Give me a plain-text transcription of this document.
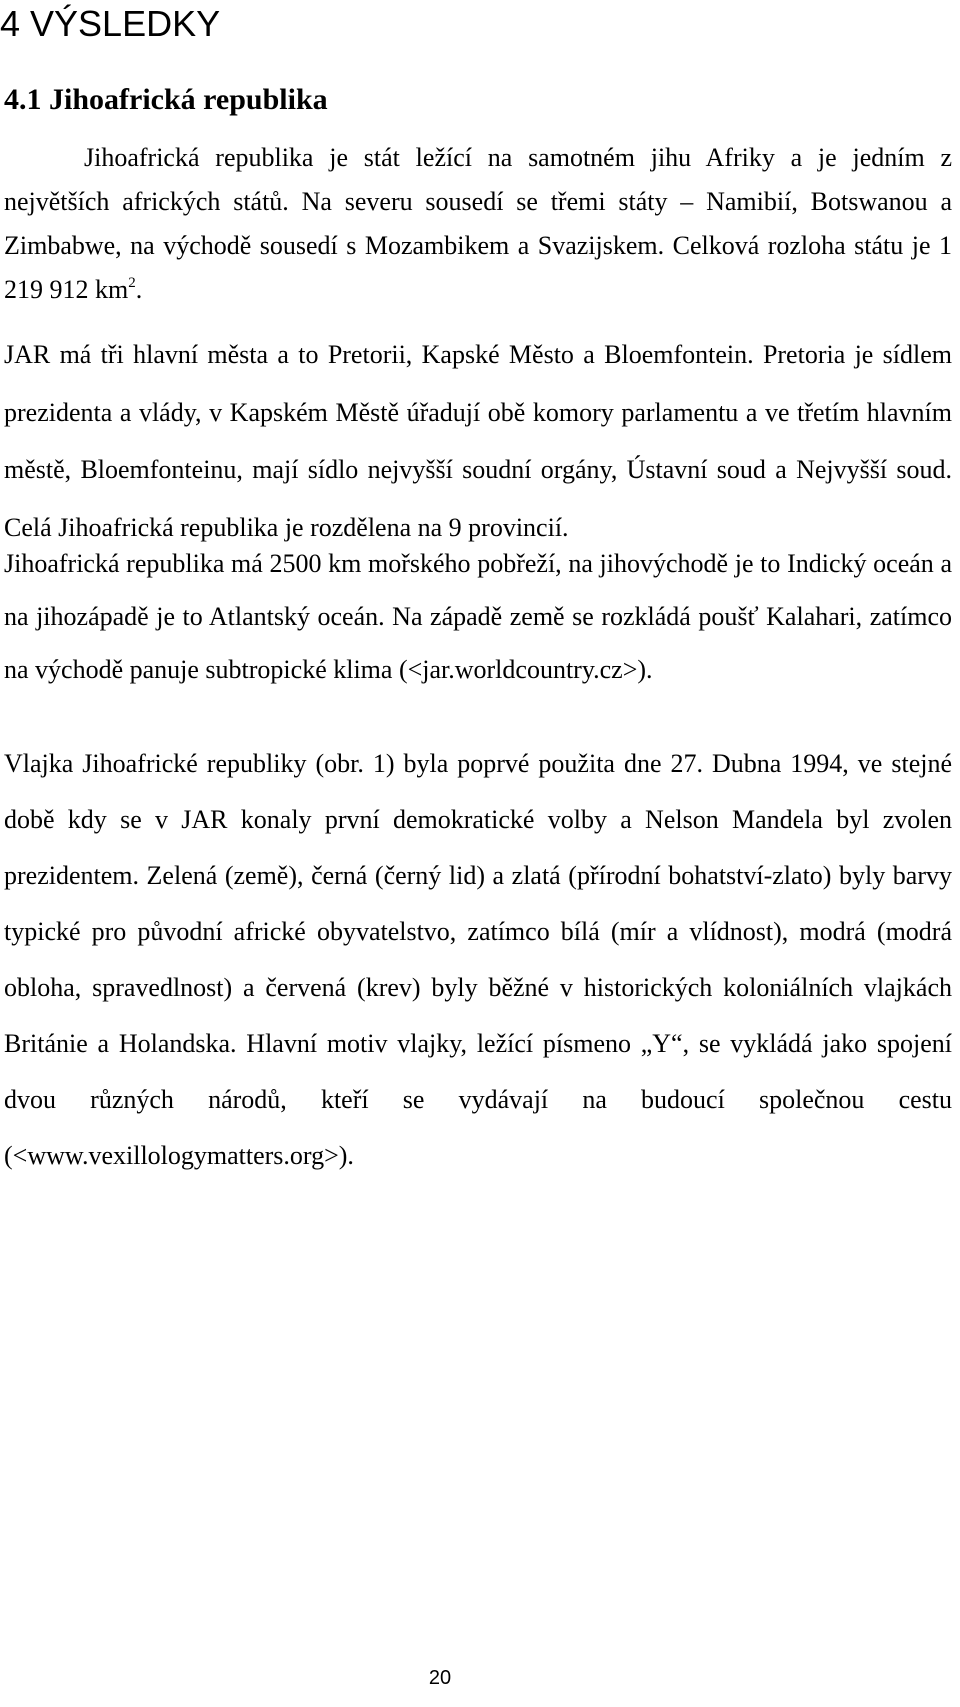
4 VÝSLEDKY
4.1 Jihoafrická republika

Jihoafrická republika je stát ležící na samotném jihu Afriky a je jedním z největších afrických států. Na severu sousedí se třemi státy – Namibií, Botswanou a Zimbabwe, na východě sousedí s Mozambikem a Svazijskem. Celková rozloha státu je 1 219 912 $km^2$.

JAR má tři hlavní města a to Pretorii, Kapské Město a Bloemfontein. Pretoria je sídlem prezidenta a vlády, v Kapském Městě úřadují obě komory parlamentu a ve třetím hlavním městě, Bloemfonteinu, mají sídlo nejvyšší soudní orgány, Ústavní soud a Nejvyšší soud. Celá Jihoafrická republika je rozdělena na 9 provincií.

Jihoafrická republika má 2500 km mořského pobřeží, na jihovýchodě je to Indický oceán a na jihozápadě je to Atlantský oceán. Na západě země se rozkládá poušť Kalahari, zatímco na východě panuje subtropické klima (<jar.worldcountry.cz>).

Vlajka Jihoafrické republiky (obr. 1) byla poprvé použita dne 27. Dubna 1994, ve stejné době kdy se v JAR konaly první demokratické volby a Nelson Mandela byl zvolen prezidentem. Zelená (země), černá (černý lid) a zlatá (přírodní bohatství-zlato) byly barvy typické pro původní africké obyvatelstvo, zatímco bílá (mír a vlídnost), modrá (modrá obloha, spravedlnost) a červená (krev) byly běžné v historických koloniálních vlajkách Británie a Holandska. Hlavní motiv vlajky, ležící písmeno „Y“, se vykládá jako spojení dvou různých národů, kteří se vydávají na budoucí společnou cestu (<www.vexillologymatters.org>).

20
